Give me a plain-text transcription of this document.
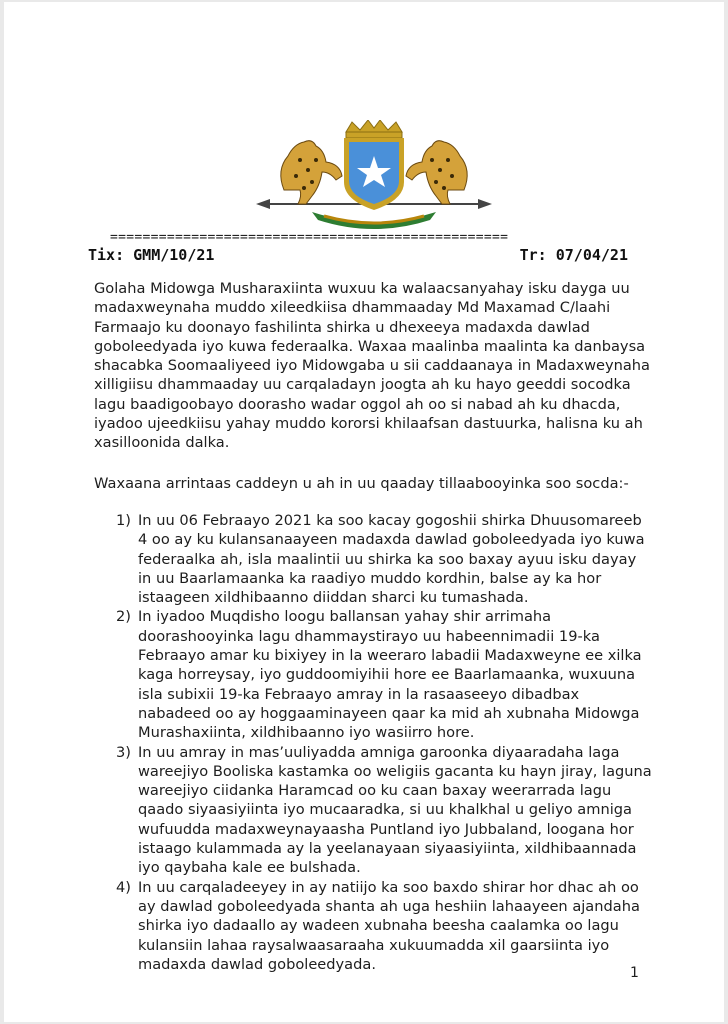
=================================================
Tix: GMM/10/21	Tr: 07/04/21

Golaha Midowga Musharaxiinta wuxuu ka walaacsanyahay isku dayga uu madaxweynaha muddo xileedkiisa dhammaaday Md Maxamad C/laahi Farmaajo ku doonayo fashilinta shirka u dhexeeya madaxda dawlad goboleedyada iyo kuwa federaalka. Waxaa maalinba maalinta ka danbaysa shacabka Soomaaliyeed iyo Midowgaba u sii caddaanaya in Madaxweynaha xilligiisu dhammaaday uu carqaladayn joogta ah ku hayo geeddi socodka lagu baadigoobayo doorasho wadar oggol ah oo si nabad ah ku dhacda, iyadoo ujeedkiisu yahay muddo kororsi khilaafsan dastuurka, halisna ku ah xasilloonida dalka.

Waxaana arrintaas caddeyn u ah in uu qaaday tillaabooyinka soo socda:-

1) In uu 06 Febraayo 2021 ka soo kacay gogoshii shirka Dhuusomareeb 4 oo ay ku kulansanaayeen madaxda dawlad goboleedyada iyo kuwa federaalka ah, isla maalintii uu shirka ka soo baxay ayuu isku dayay in uu Baarlamaanka ka raadiyo muddo kordhin, balse ay ka hor istaageen xildhibaanno diiddan sharci ku tumashada.
2) In iyadoo Muqdisho loogu ballansan yahay shir arrimaha doorashooyinka lagu dhammaystirayo uu habeennimadii 19-ka Febraayo amar ku bixiyey in la weeraro labadii Madaxweyne ee xilka kaga horreysay, iyo guddoomiyihii hore ee Baarlamaanka, wuxuuna isla subixii 19-ka Febraayo amray in la rasaaseeyo dibadbax nabadeed oo ay hoggaaminayeen qaar ka mid ah xubnaha Midowga Murashaxiinta, xildhibaanno iyo wasiirro hore.
3) In uu amray in mas’uuliyadda amniga garoonka diyaaradaha laga wareejiyo Booliska kastamka oo weligiis gacanta ku hayn jiray, laguna wareejiyo ciidanka Haramcad oo ku caan baxay weerarrada lagu qaado siyaasiyiinta iyo mucaaradka, si uu khalkhal u geliyo amniga wufuudda madaxweynayaasha Puntland iyo Jubbaland, loogana hor istaago kulammada ay la yeelanayaan siyaasiyiinta, xildhibaannada iyo qaybaha kale ee bulshada.
4) In uu carqaladeeyey in ay natiijo ka soo baxdo shirar hor dhac ah oo ay dawlad goboleedyada shanta ah uga heshiin lahaayeen ajandaha shirka iyo dadaallo ay wadeen xubnaha beesha caalamka oo lagu kulansiin lahaa raysalwaasaraaha xukuumadda xil gaarsiinta iyo madaxda dawlad goboleedyada.
1
